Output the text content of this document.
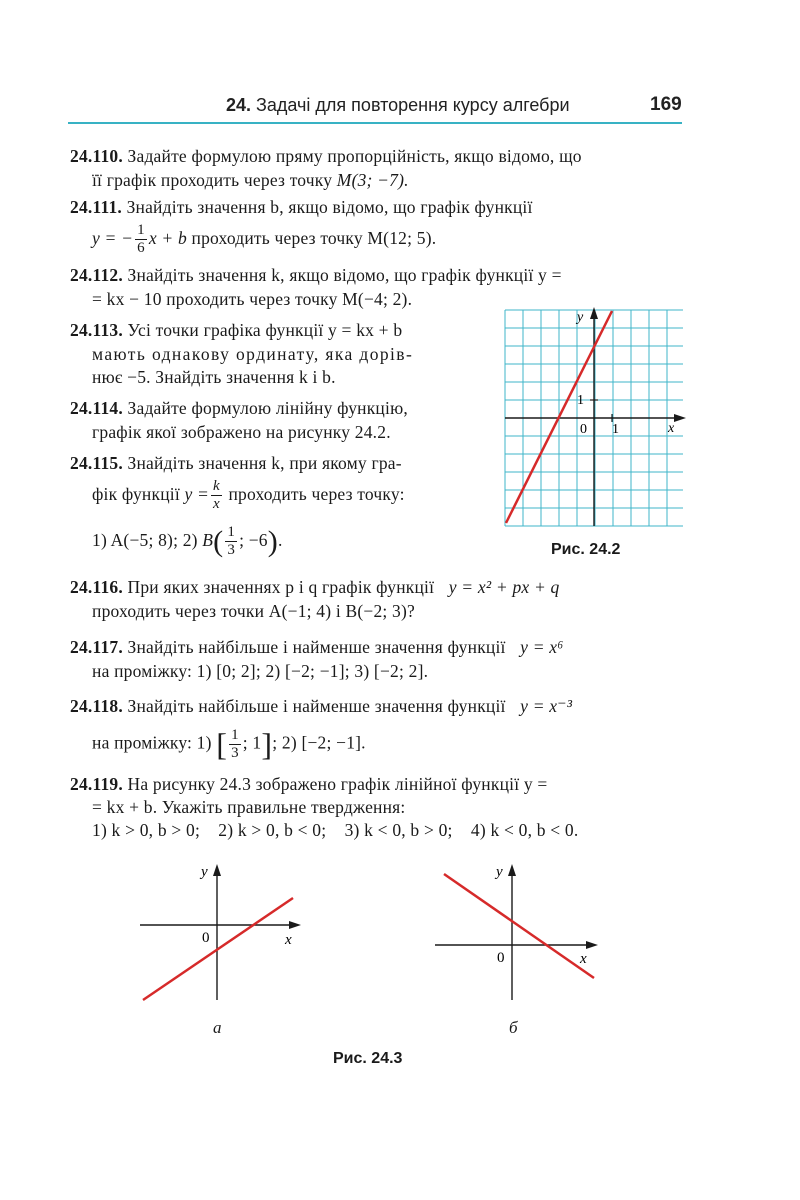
24. Задачі для повторення курсу алгебри	169
24.110. Задайте формулою пряму пропорційність, якщо відомо, що
її графік проходить через точку M(3; −7).
24.111. Знайдіть значення b, якщо відомо, що графік функції
y = − $\frac{1}{6}$ x + b проходить через точку M(12; 5).
24.112. Знайдіть значення k, якщо відомо, що графік функції y =
= kx − 10 проходить через точку M(−4; 2).
24.113. Усі точки графіка функції y = kx + b
мають однакову ординату, яка дорів-
нює −5. Знайдіть значення k і b.
24.114. Задайте формулою лінійну функцію,
графік якої зображено на рисунку 24.2.
24.115. Знайдіть значення k, при якому гра-
фік функції $y = \frac{k}{x}$ проходить через точку:
1) A(−5; 8); 2) $B( \frac{1}{3}$ ; −6).
y
x
0 1
1
Рис. 24.2
24.116. При яких значеннях p і q графік функції y = x² + px + q
проходить через точки A(−1; 4) і B(−2; 3)?
24.117. Знайдіть найбільше і найменше значення функції y = x⁶
на проміжку: 1) [0; 2]; 2) [−2; −1]; 3) [−2; 2].
24.118. Знайдіть найбільше і найменше значення функції y = x⁻³
на проміжку: 1) [ $\frac{1}{3}$ ; 1]; 2) [−2; −1].
24.119. На рисунку 24.3 зображено графік лінійної функції y =
= kx + b. Укажіть правильне твердження:
1) k > 0, b > 0;    2) k > 0, b < 0;    3) k < 0, b > 0;    4) k < 0, b < 0.
y
x
0
а
y
x
0
б
Рис. 24.3
